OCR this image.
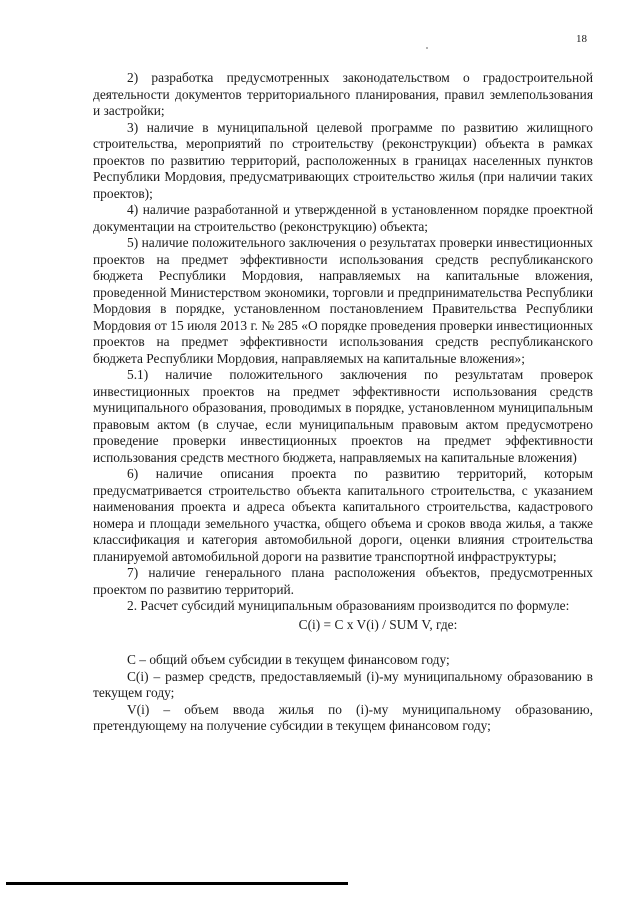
18

2) разработка предусмотренных законодательством о градостроительной деятельности документов территориального планирования, правил землепользования и застройки;

3) наличие в муниципальной целевой программе по развитию жилищного строительства, мероприятий по строительству (реконструкции) объекта в рамках проектов по развитию территорий, расположенных в границах населенных пунктов Республики Мордовия, предусматривающих строительство жилья (при наличии таких проектов);

4) наличие разработанной и утвержденной в установленном порядке проектной документации на строительство (реконструкцию) объекта;

5) наличие положительного заключения о результатах проверки инвестиционных проектов на предмет эффективности использования средств республиканского бюджета Республики Мордовия, направляемых на капитальные вложения, проведенной Министерством экономики, торговли и предпринимательства Республики Мордовия в порядке, установленном постановлением Правительства Республики Мордовия от 15 июля 2013 г. № 285 «О порядке проведения проверки инвестиционных проектов на предмет эффективности использования средств республиканского бюджета Республики Мордовия, направляемых на капитальные вложения»;

5.1) наличие положительного заключения по результатам проверок инвестиционных проектов на предмет эффективности использования средств муниципального образования, проводимых в порядке, установленном муниципальным правовым актом (в случае, если муниципальным правовым актом предусмотрено проведение проверки инвестиционных проектов на предмет эффективности использования средств местного бюджета, направляемых на капитальные вложения)

6) наличие описания проекта по развитию территорий, которым предусматривается строительство объекта капитального строительства, с указанием наименования проекта и адреса объекта капитального строительства, кадастрового номера и площади земельного участка, общего объема и сроков ввода жилья, а также классификация и категория автомобильной дороги, оценки влияния строительства планируемой автомобильной дороги на развитие транспортной инфраструктуры;

7) наличие генерального плана расположения объектов, предусмотренных проектом по развитию территорий.

2. Расчет субсидий муниципальным образованиям производится по формуле:

C(i) = C x V(i) / SUM V, где:

С – общий объем субсидии в текущем финансовом году;

C(i) – размер средств, предоставляемый (i)-му муниципальному образованию в текущем году;

V(i) – объем ввода жилья по (i)-му муниципальному образованию, претендующему на получение субсидии в текущем финансовом году;
